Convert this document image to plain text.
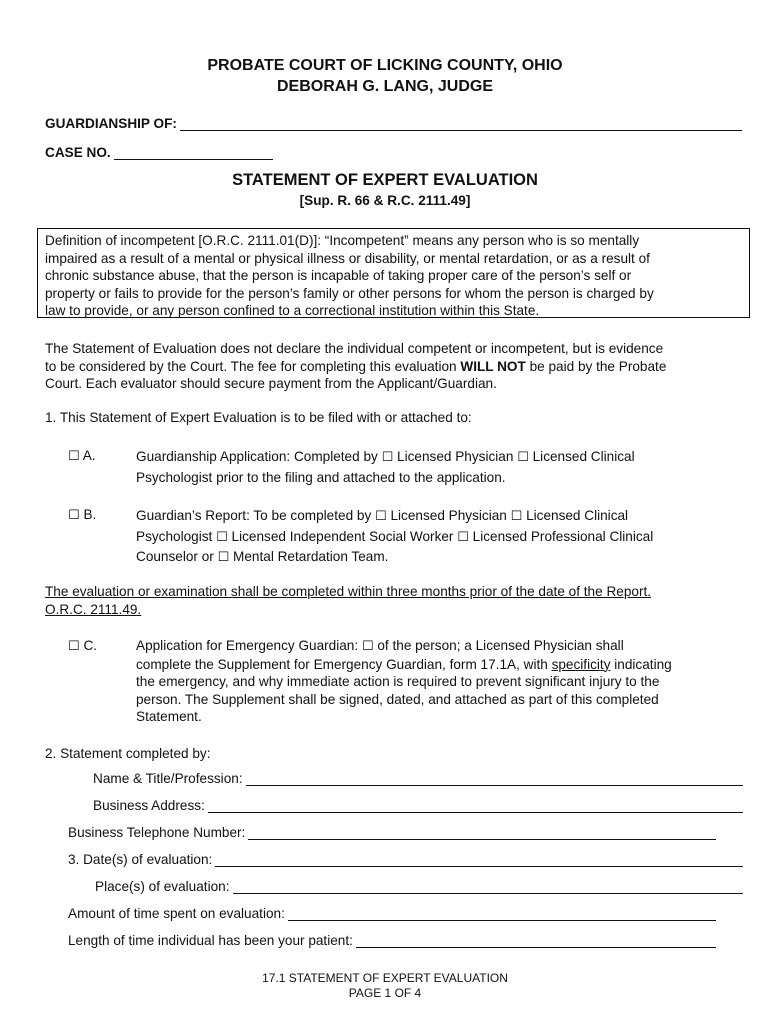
PROBATE COURT OF LICKING COUNTY, OHIO
DEBORAH G. LANG, JUDGE
GUARDIANSHIP OF:
CASE NO.
STATEMENT OF EXPERT EVALUATION
[Sup. R. 66 & R.C. 2111.49]
Definition of incompetent [O.R.C. 2111.01(D)]: “Incompetent” means any person who is so mentally
impaired as a result of a mental or physical illness or disability, or mental retardation, or as a result of
chronic substance abuse, that the person is incapable of taking proper care of the person’s self or
property or fails to provide for the person’s family or other persons for whom the person is charged by
law to provide, or any person confined to a correctional institution within this State.
The Statement of Evaluation does not declare the individual competent or incompetent, but is evidence
to be considered by the Court. The fee for completing this evaluation WILL NOT be paid by the Probate
Court. Each evaluator should secure payment from the Applicant/Guardian.
1. This Statement of Expert Evaluation is to be filed with or attached to:
☐ A.	Guardianship Application: Completed by ☐ Licensed Physician ☐ Licensed Clinical
Psychologist prior to the filing and attached to the application.
☐ B.	Guardian’s Report: To be completed by ☐ Licensed Physician ☐ Licensed Clinical
Psychologist ☐ Licensed Independent Social Worker ☐ Licensed Professional Clinical
Counselor or ☐ Mental Retardation Team.
The evaluation or examination shall be completed within three months prior of the date of the Report.
O.R.C. 2111.49.
☐ C.	Application for Emergency Guardian: ☐ of the person; a Licensed Physician shall
complete the Supplement for Emergency Guardian, form 17.1A, with specificity indicating
the emergency, and why immediate action is required to prevent significant injury to the
person. The Supplement shall be signed, dated, and attached as part of this completed
Statement.
2. Statement completed by:
Name & Title/Profession:
Business Address:
Business Telephone Number:
3. Date(s) of evaluation:
Place(s) of evaluation:
Amount of time spent on evaluation:
Length of time individual has been your patient:
17.1 STATEMENT OF EXPERT EVALUATION
PAGE 1 OF 4
